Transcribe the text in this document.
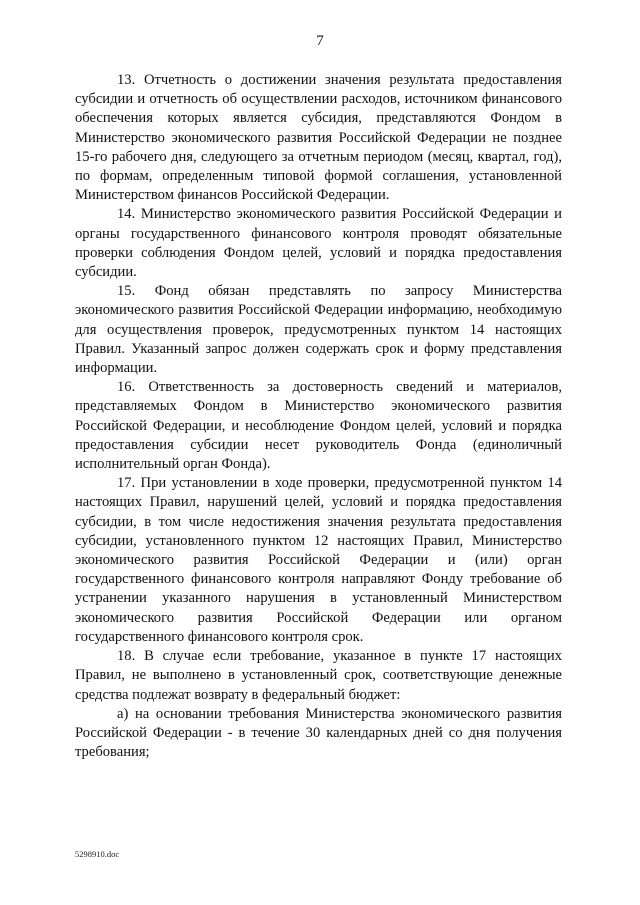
7

13. Отчетность о достижении значения результата предоставления субсидии и отчетность об осуществлении расходов, источником финансового обеспечения которых является субсидия, представляются Фондом в Министерство экономического развития Российской Федерации не позднее 15-го рабочего дня, следующего за отчетным периодом (месяц, квартал, год), по формам, определенным типовой формой соглашения, установленной Министерством финансов Российской Федерации.

14. Министерство экономического развития Российской Федерации и органы государственного финансового контроля проводят обязательные проверки соблюдения Фондом целей, условий и порядка предоставления субсидии.

15. Фонд обязан представлять по запросу Министерства экономического развития Российской Федерации информацию, необходимую для осуществления проверок, предусмотренных пунктом 14 настоящих Правил. Указанный запрос должен содержать срок и форму представления информации.

16. Ответственность за достоверность сведений и материалов, представляемых Фондом в Министерство экономического развития Российской Федерации, и несоблюдение Фондом целей, условий и порядка предоставления субсидии несет руководитель Фонда (единоличный исполнительный орган Фонда).

17. При установлении в ходе проверки, предусмотренной пунктом 14 настоящих Правил, нарушений целей, условий и порядка предоставления субсидии, в том числе недостижения значения результата предоставления субсидии, установленного пунктом 12 настоящих Правил, Министерство экономического развития Российской Федерации и (или) орган государственного финансового контроля направляют Фонду требование об устранении указанного нарушения в установленный Министерством экономического развития Российской Федерации или органом государственного финансового контроля срок.

18. В случае если требование, указанное в пункте 17 настоящих Правил, не выполнено в установленный срок, соответствующие денежные средства подлежат возврату в федеральный бюджет:

а) на основании требования Министерства экономического развития Российской Федерации - в течение 30 календарных дней со дня получения требования;

5298910.doc
